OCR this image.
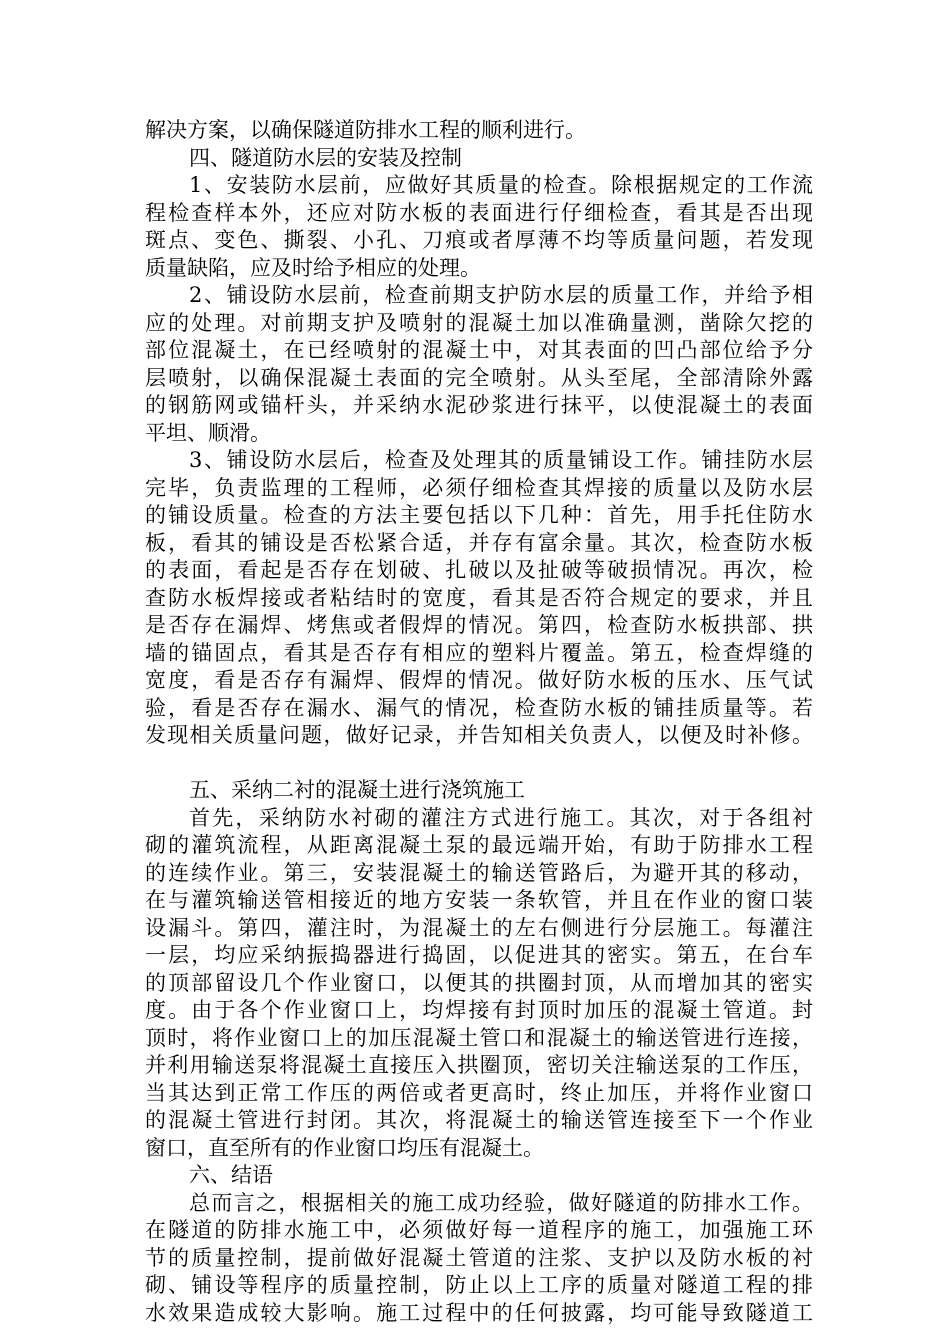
解决方案，以确保隧道防排水工程的顺利进行。
四、隧道防水层的安装及控制
1、安装防水层前，应做好其质量的检查。除根据规定的工作流
程检查样本外，还应对防水板的表面进行仔细检查，看其是否出现
斑点、变色、撕裂、小孔、刀痕或者厚薄不均等质量问题，若发现
质量缺陷，应及时给予相应的处理。
2、铺设防水层前，检查前期支护防水层的质量工作，并给予相
应的处理。对前期支护及喷射的混凝土加以准确量测，凿除欠挖的
部位混凝土，在已经喷射的混凝土中，对其表面的凹凸部位给予分
层喷射，以确保混凝土表面的完全喷射。从头至尾，全部清除外露
的钢筋网或锚杆头，并采纳水泥砂浆进行抹平，以使混凝土的表面
平坦、顺滑。
3、铺设防水层后，检查及处理其的质量铺设工作。铺挂防水层
完毕，负责监理的工程师，必须仔细检查其焊接的质量以及防水层
的铺设质量。检查的方法主要包括以下几种：首先，用手托住防水
板，看其的铺设是否松紧合适，并存有富余量。其次，检查防水板
的表面，看起是否存在划破、扎破以及扯破等破损情况。再次，检
查防水板焊接或者粘结时的宽度，看其是否符合规定的要求，并且
是否存在漏焊、烤焦或者假焊的情况。第四，检查防水板拱部、拱
墙的锚固点，看其是否存有相应的塑料片覆盖。第五，检查焊缝的
宽度，看是否存有漏焊、假焊的情况。做好防水板的压水、压气试
验，看是否存在漏水、漏气的情况，检查防水板的铺挂质量等。若
发现相关质量问题，做好记录，并告知相关负责人，以便及时补修。
五、采纳二衬的混凝土进行浇筑施工
首先，采纳防水衬砌的灌注方式进行施工。其次，对于各组衬
砌的灌筑流程，从距离混凝土泵的最远端开始，有助于防排水工程
的连续作业。第三，安装混凝土的输送管路后，为避开其的移动，
在与灌筑输送管相接近的地方安装一条软管，并且在作业的窗口装
设漏斗。第四，灌注时，为混凝土的左右侧进行分层施工。每灌注
一层，均应采纳振捣器进行捣固，以促进其的密实。第五，在台车
的顶部留设几个作业窗口，以便其的拱圈封顶，从而增加其的密实
度。由于各个作业窗口上，均焊接有封顶时加压的混凝土管道。封
顶时，将作业窗口上的加压混凝土管口和混凝土的输送管进行连接，
并利用输送泵将混凝土直接压入拱圈顶，密切关注输送泵的工作压，
当其达到正常工作压的两倍或者更高时，终止加压，并将作业窗口
的混凝土管进行封闭。其次，将混凝土的输送管连接至下一个作业
窗口，直至所有的作业窗口均压有混凝土。
六、结语
总而言之，根据相关的施工成功经验，做好隧道的防排水工作。
在隧道的防排水施工中，必须做好每一道程序的施工，加强施工环
节的质量控制，提前做好混凝土管道的注浆、支护以及防水板的衬
砌、铺设等程序的质量控制，防止以上工序的质量对隧道工程的排
水效果造成较大影响。施工过程中的任何披露，均可能导致隧道工
